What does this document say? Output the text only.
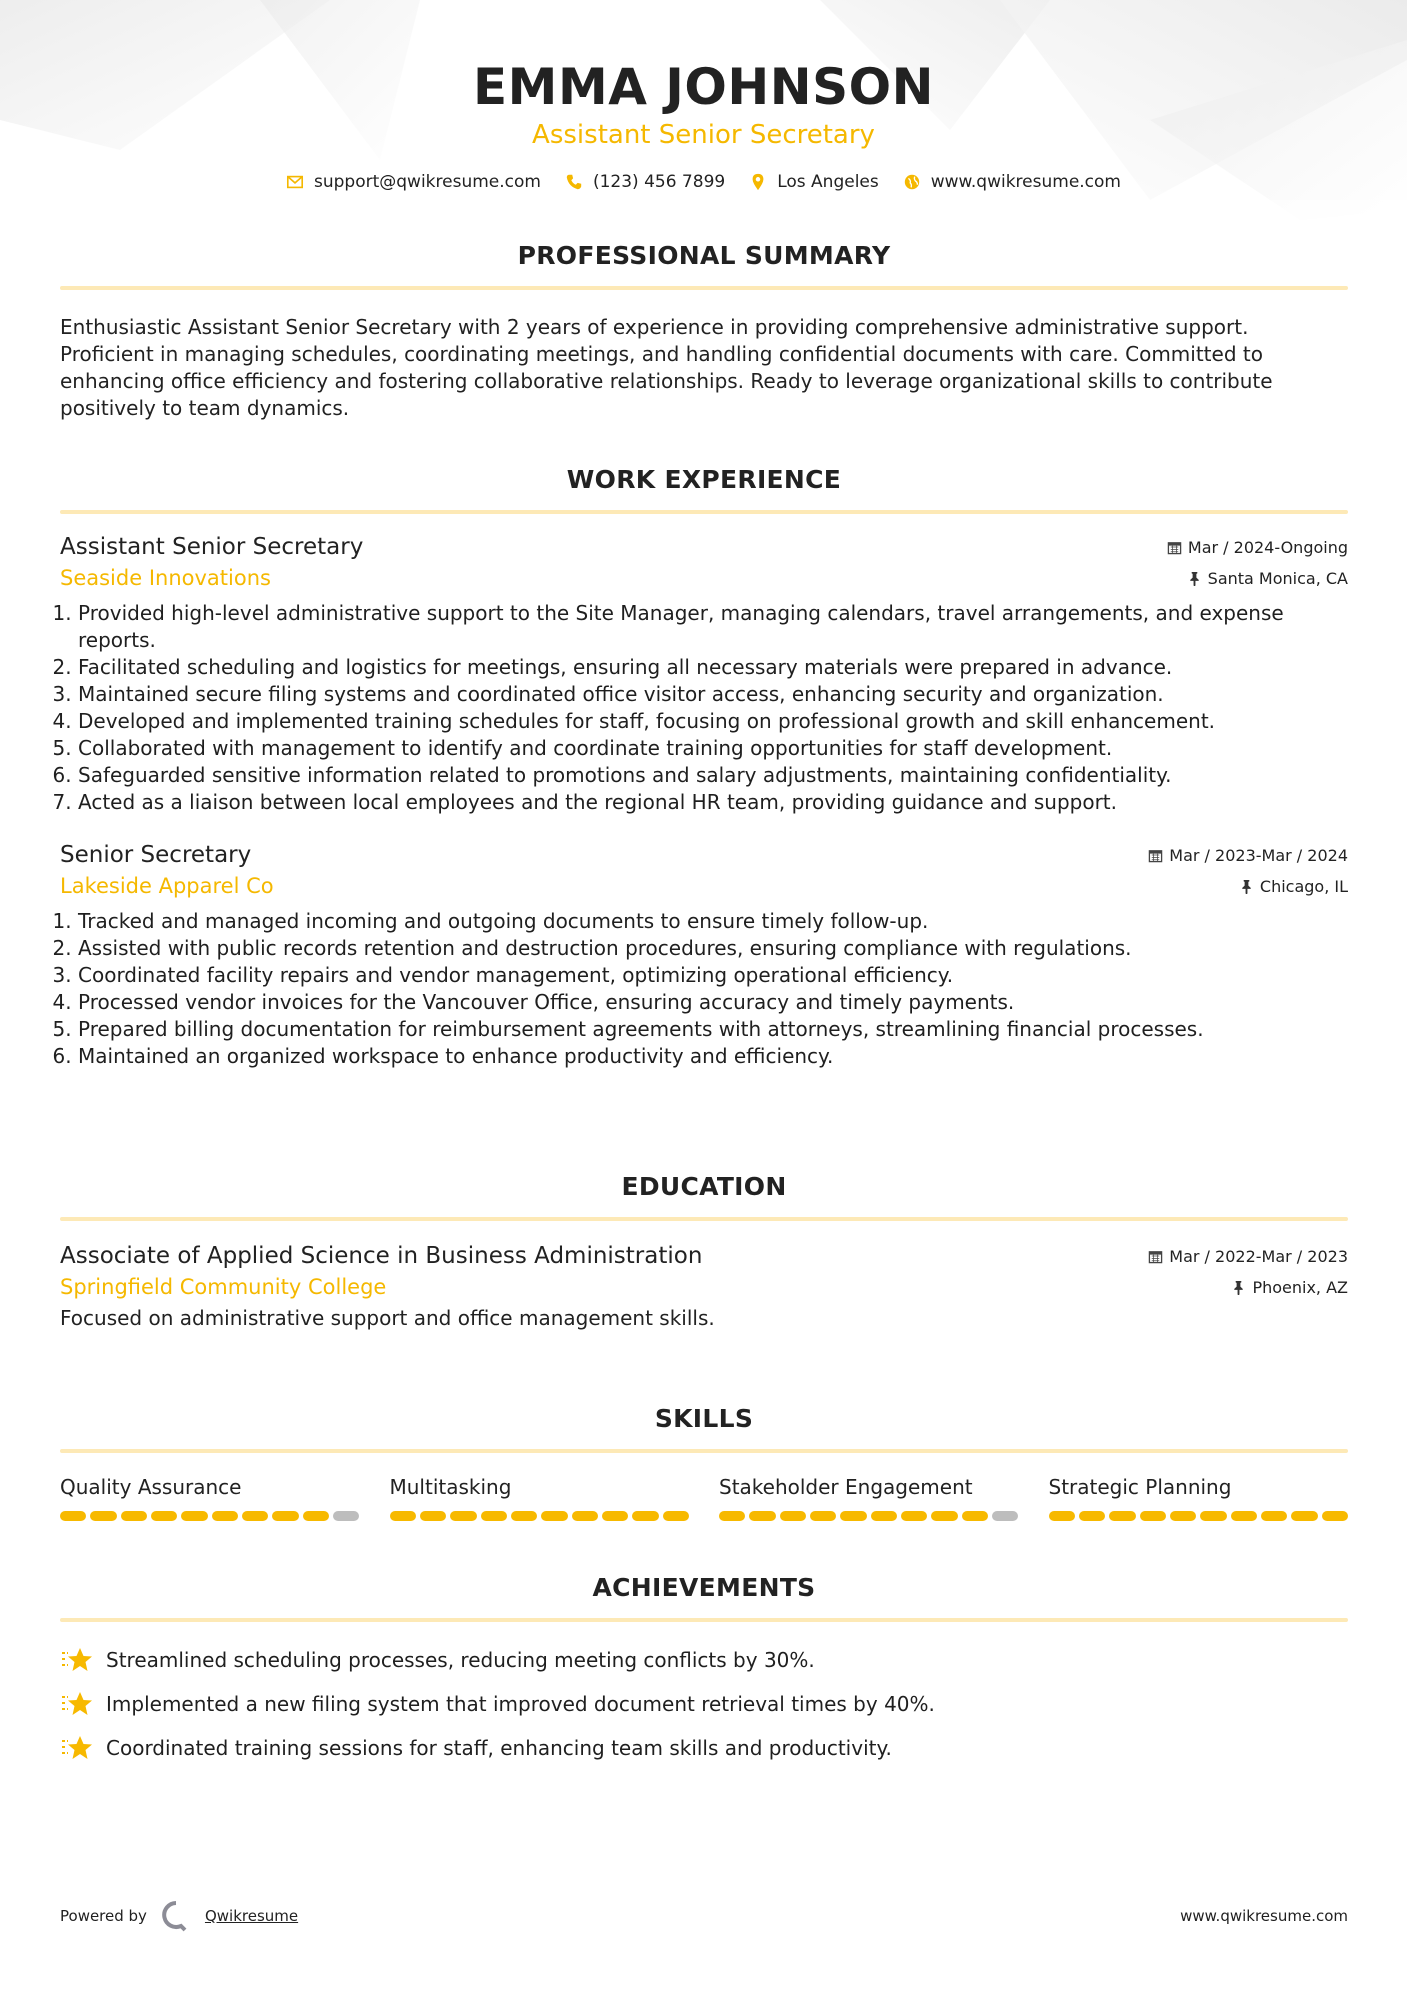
EMMA JOHNSON
Assistant Senior Secretary
support@qwikresume.com	(123) 456 7899	Los Angeles	www.qwikresume.com
PROFESSIONAL SUMMARY
Enthusiastic Assistant Senior Secretary with 2 years of experience in providing comprehensive administrative support. Proficient in managing schedules, coordinating meetings, and handling confidential documents with care. Committed to enhancing office efficiency and fostering collaborative relationships. Ready to leverage organizational skills to contribute positively to team dynamics.
WORK EXPERIENCE
Assistant Senior Secretary	Mar / 2024-Ongoing
Seaside Innovations	Santa Monica, CA
1. Provided high-level administrative support to the Site Manager, managing calendars, travel arrangements, and expense reports.
2. Facilitated scheduling and logistics for meetings, ensuring all necessary materials were prepared in advance.
3. Maintained secure filing systems and coordinated office visitor access, enhancing security and organization.
4. Developed and implemented training schedules for staff, focusing on professional growth and skill enhancement.
5. Collaborated with management to identify and coordinate training opportunities for staff development.
6. Safeguarded sensitive information related to promotions and salary adjustments, maintaining confidentiality.
7. Acted as a liaison between local employees and the regional HR team, providing guidance and support.
Senior Secretary	Mar / 2023-Mar / 2024
Lakeside Apparel Co	Chicago, IL
1. Tracked and managed incoming and outgoing documents to ensure timely follow-up.
2. Assisted with public records retention and destruction procedures, ensuring compliance with regulations.
3. Coordinated facility repairs and vendor management, optimizing operational efficiency.
4. Processed vendor invoices for the Vancouver Office, ensuring accuracy and timely payments.
5. Prepared billing documentation for reimbursement agreements with attorneys, streamlining financial processes.
6. Maintained an organized workspace to enhance productivity and efficiency.
EDUCATION
Associate of Applied Science in Business Administration	Mar / 2022-Mar / 2023
Springfield Community College	Phoenix, AZ
Focused on administrative support and office management skills.
SKILLS
Quality Assurance	Multitasking	Stakeholder Engagement	Strategic Planning
ACHIEVEMENTS
Streamlined scheduling processes, reducing meeting conflicts by 30%.
Implemented a new filing system that improved document retrieval times by 40%.
Coordinated training sessions for staff, enhancing team skills and productivity.
Powered by	Qwikresume	www.qwikresume.com
